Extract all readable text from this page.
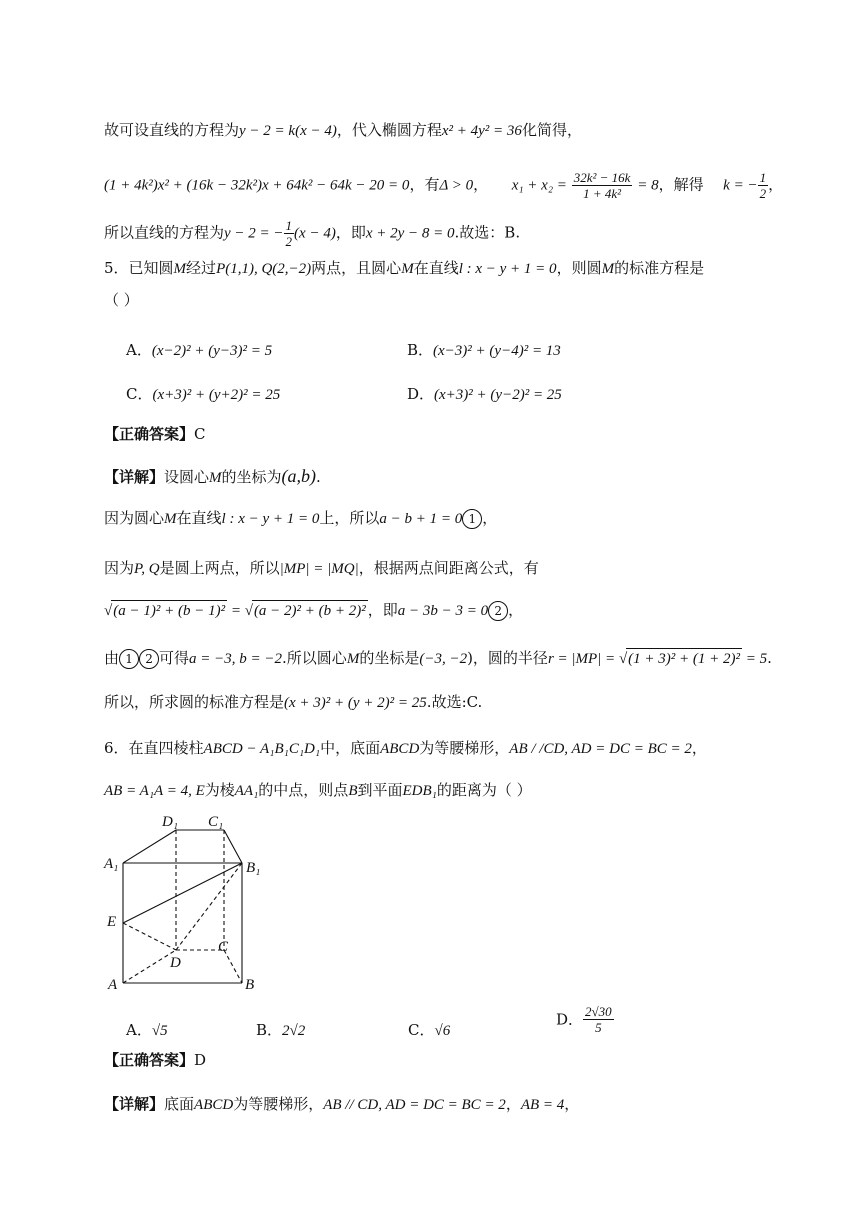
故可设直线的方程为y − 2 = k(x − 4)，代入椭圆方程x² + 4y² = 36化简得，
(1 + 4k²)x² + (16k − 32k²)x + 64k² − 64k − 20 = 0，有Δ > 0， $x_1 + x_2 = \frac{\text{32k² − 16k}}{\text{1 + 4k²}} = 8$，解得 k = − $\frac{1}{2}$ ，
所以直线的方程为y − 2 = − $\frac{1}{2} (x - 4)$，即x + 2y − 8 = 0.故选：B.
5．已知圆M经过P(1,1), Q(2,−2)两点，且圆心M在直线l : x − y + 1 = 0，则圆M的标准方程是
（ ）
A．(x−2)² + (y−3)² = 5	B．(x−3)² + (y−4)² = 13
C．(x+3)² + (y+2)² = 25	D．(x+3)² + (y−2)² = 25
【正确答案】C
【详解】设圆心M的坐标为(a,b).
因为圆心M在直线l : x − y + 1 = 0上，所以a − b + 1 = 0 1 ，
因为P, Q是圆上两点，所以|MP| = |MQ|，根据两点间距离公式，有
√(a − 1)² + (b − 1)² = √(a − 2)² + (b + 2)² ，即a − 3b − 3 = 0 2 ，
由 1 2 可得a = −3, b = −2.所以圆心M的坐标是(−3, −2)，圆的半径r = |MP| = √(1 + 3)² + (1 + 2)² = 5.
所以，所求圆的标准方程是(x + 3)² + (y + 2)² = 25.故选:C.
6．在直四棱柱ABCD − A₁B₁C₁D₁中，底面ABCD为等腰梯形，AB / /CD, AD = DC = BC = 2，
AB = A₁A = 4, E为棱AA₁的中点，则点B到平面EDB₁的距离为（ ）
D₁ C₁
A₁	B₁
E
C
D
A	B
A．√5	B．2√2	C．√6
D． $\frac{2√30}{5}$
【正确答案】D
【详解】底面ABCD为等腰梯形，AB // CD, AD = DC = BC = 2，AB = 4，
